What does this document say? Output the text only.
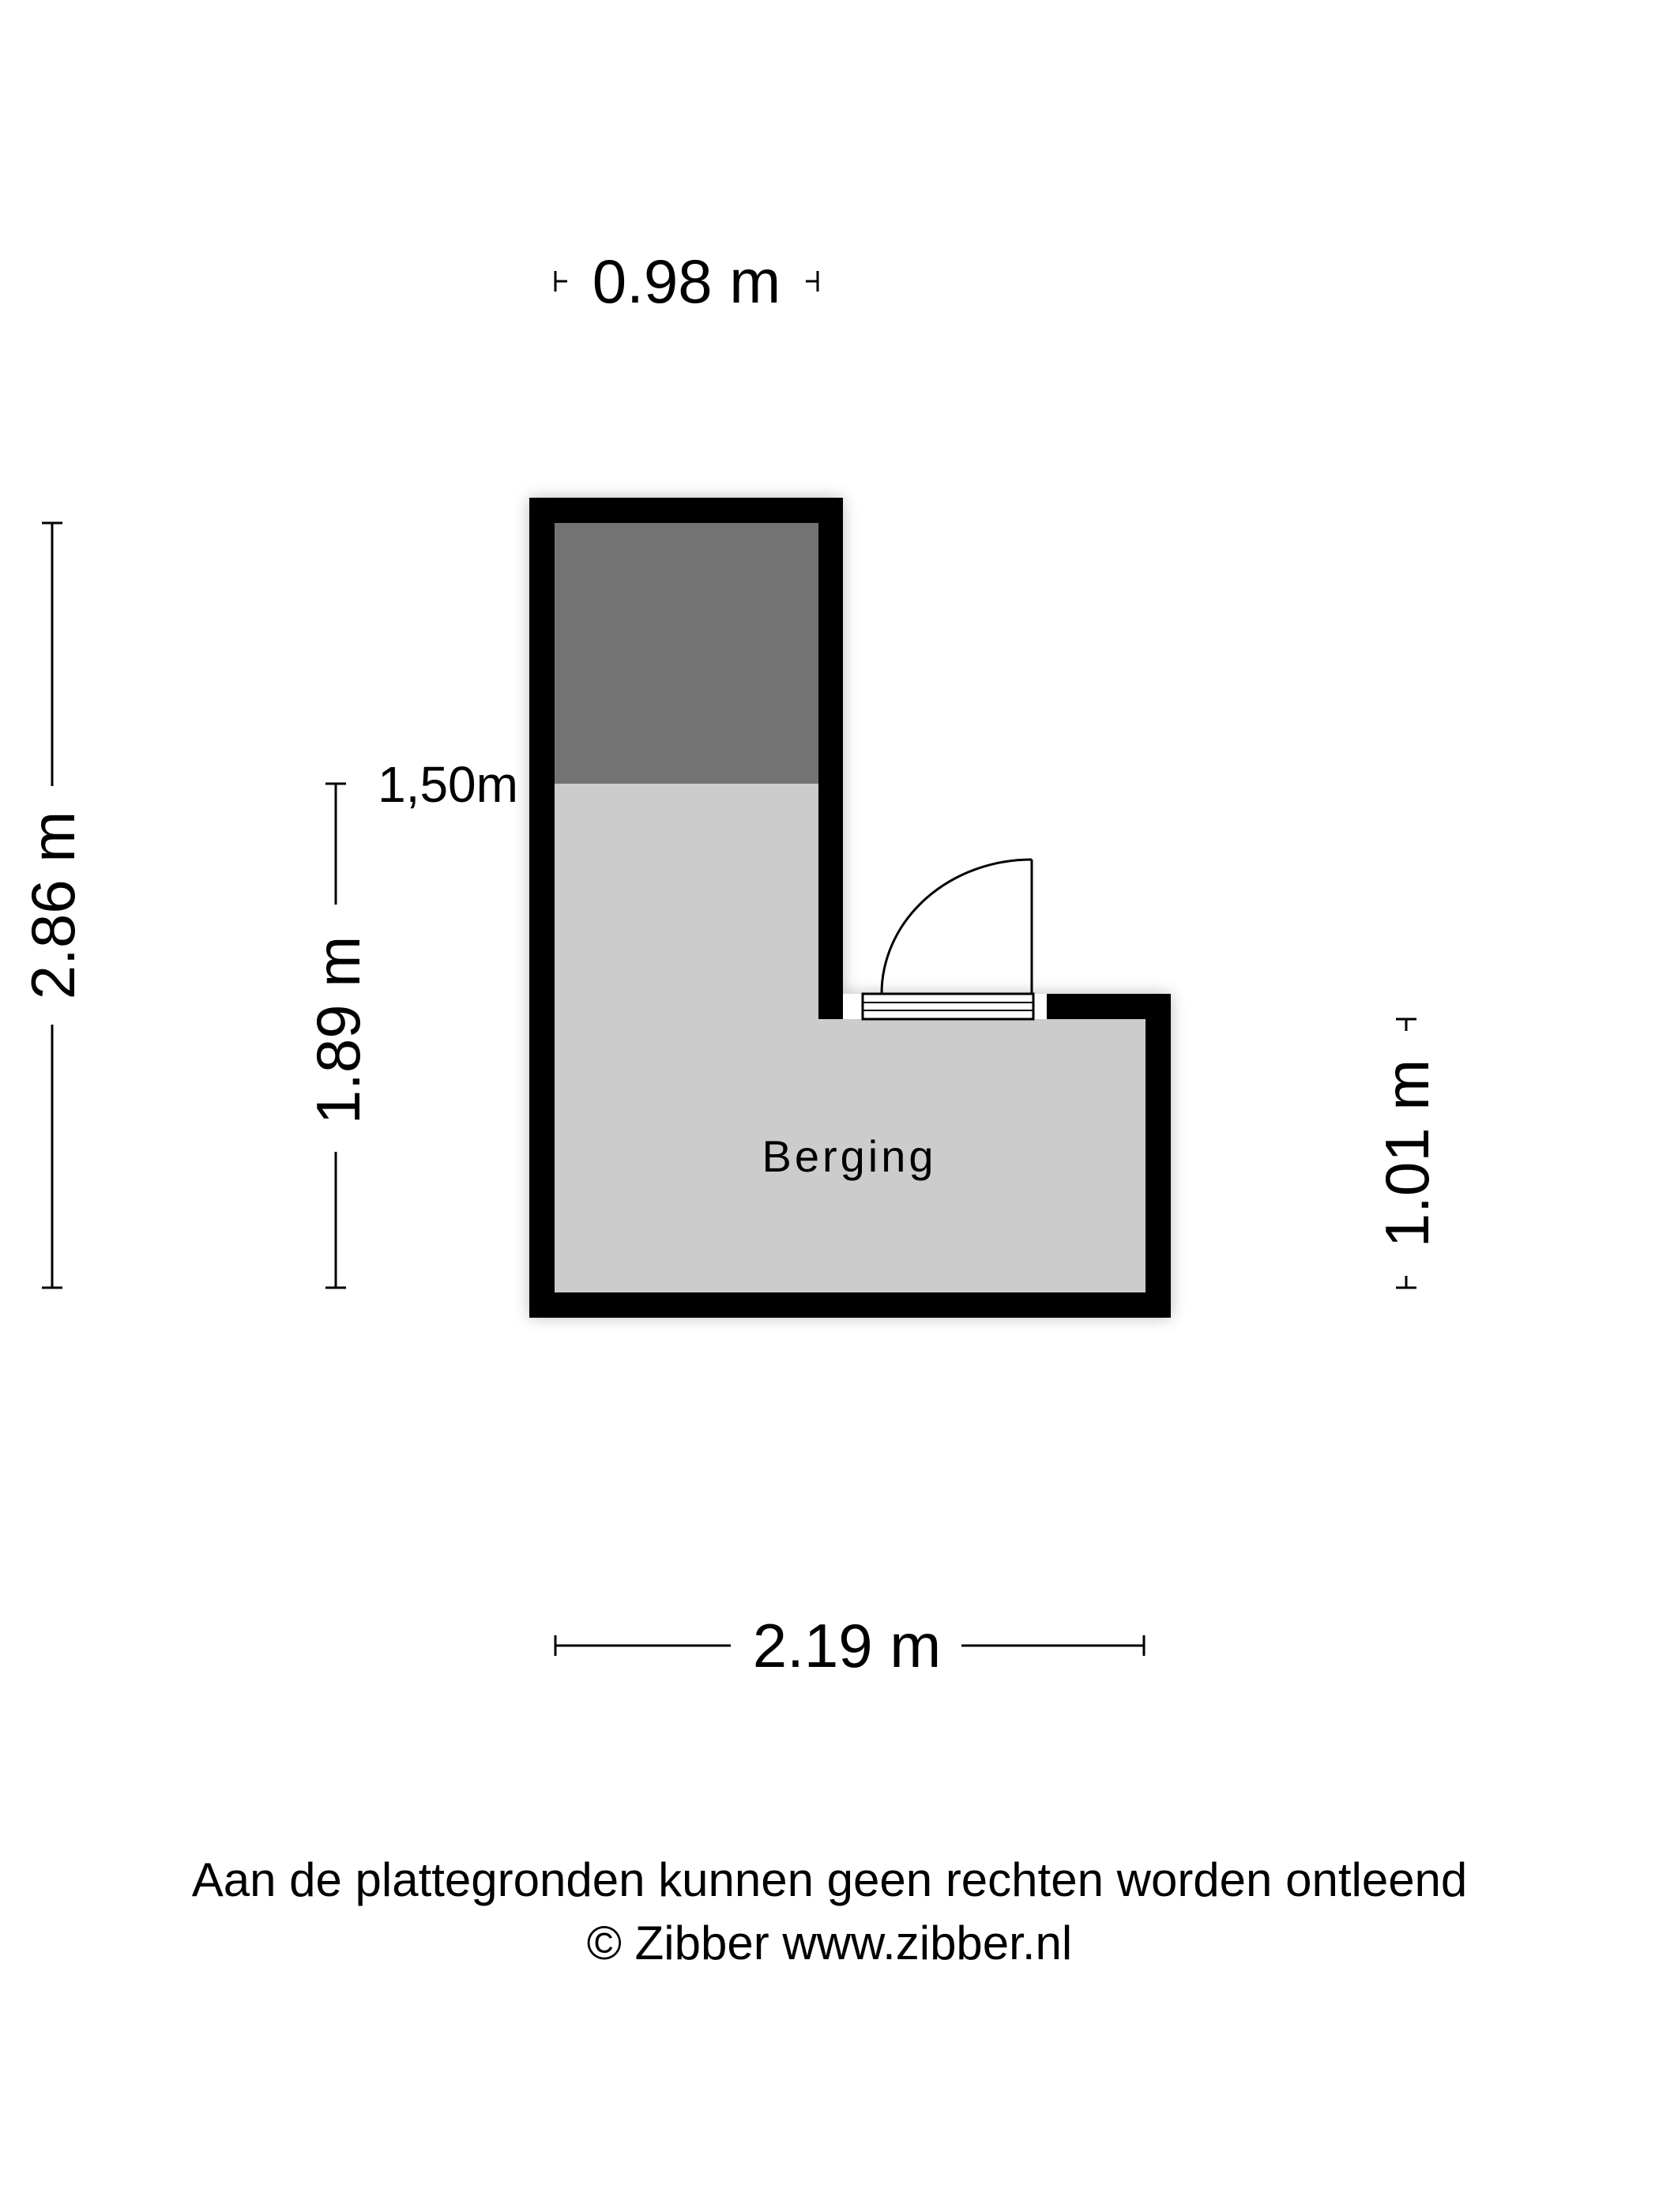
Berging
1,50m
0.98 m
2.19 m
2.86 m
1.89 m
1.01 m
Aan de plattegronden kunnen geen rechten worden ontleend
© Zibber www.zibber.nl
